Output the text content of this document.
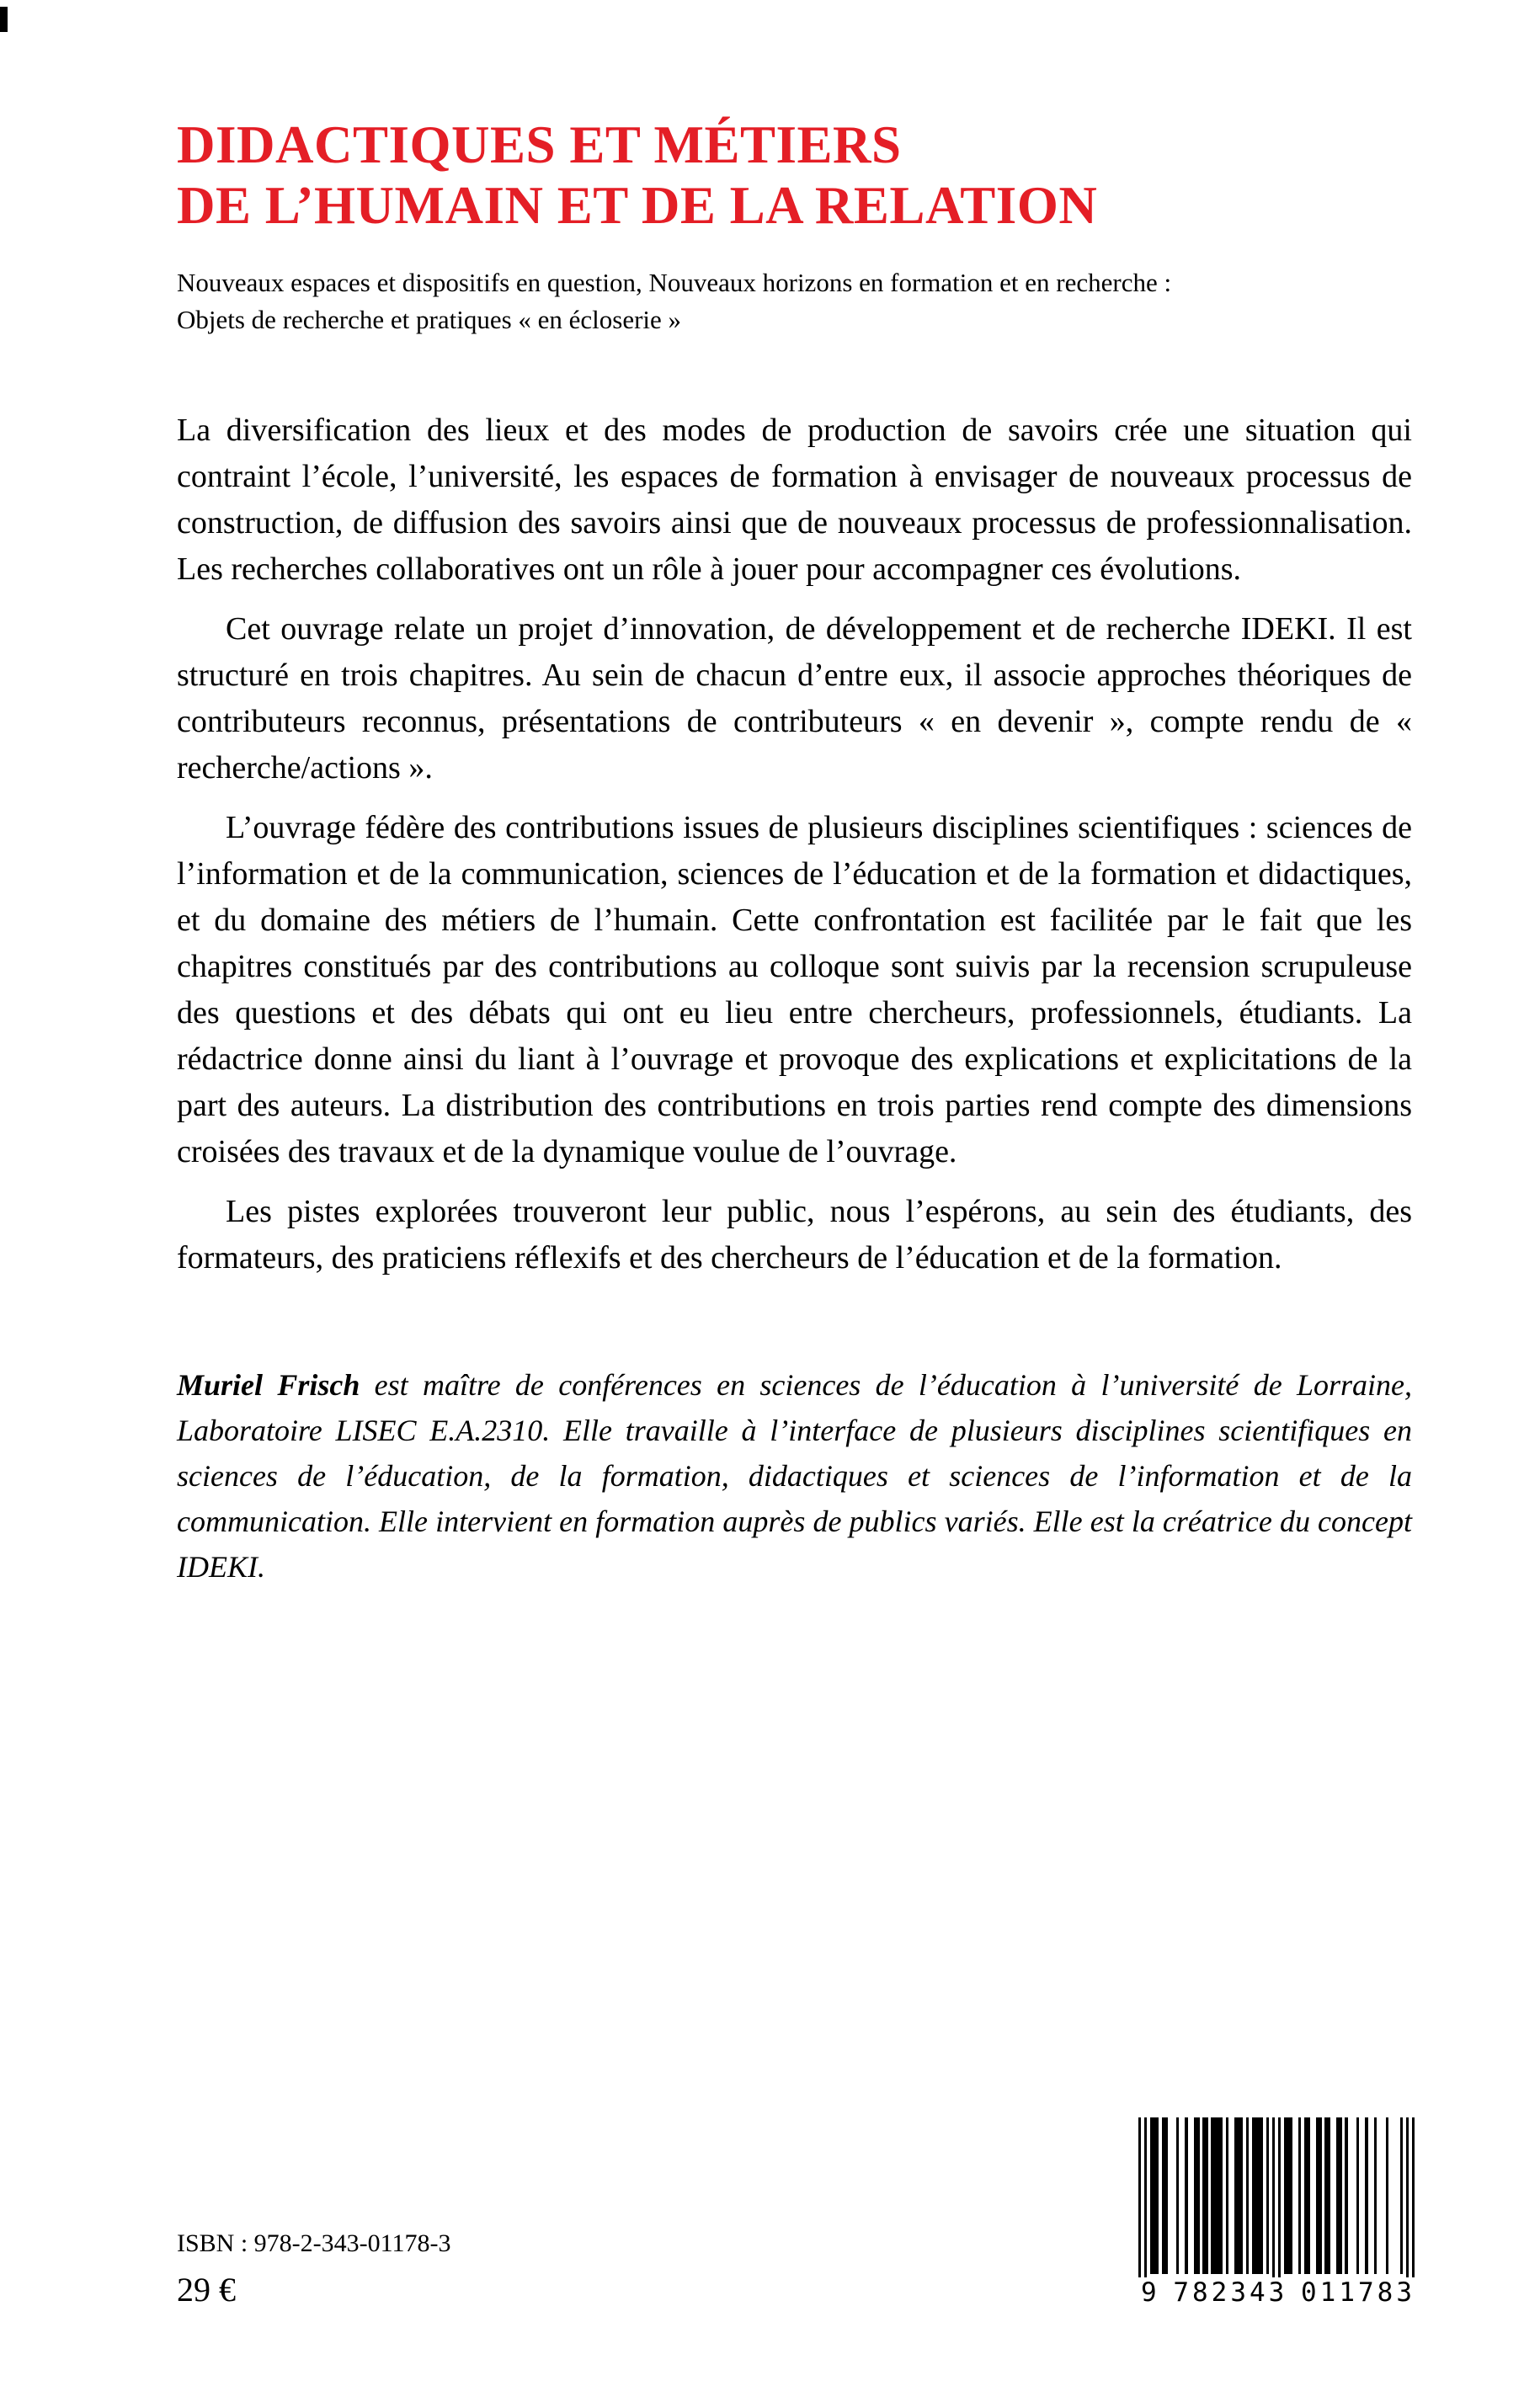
DIDACTIQUES ET MÉTIERS
DE L’HUMAIN ET DE LA RELATION
Nouveaux espaces et dispositifs en question, Nouveaux horizons en formation et en recherche :
Objets de recherche et pratiques « en écloserie »

La diversification des lieux et des modes de production de savoirs crée une situation qui contraint l’école, l’université, les espaces de formation à envisager de nouveaux processus de construction, de diffusion des savoirs ainsi que de nouveaux processus de professionnalisation. Les recherches collaboratives ont un rôle à jouer pour accompagner ces évolutions.

Cet ouvrage relate un projet d’innovation, de développement et de recherche IDEKI. Il est structuré en trois chapitres. Au sein de chacun d’entre eux, il associe approches théoriques de contributeurs reconnus, présentations de contributeurs « en devenir », compte rendu de « recherche/actions ».

L’ouvrage fédère des contributions issues de plusieurs disciplines scientifiques : sciences de l’information et de la communication, sciences de l’éducation et de la formation et didactiques, et du domaine des métiers de l’humain. Cette confrontation est facilitée par le fait que les chapitres constitués par des contributions au colloque sont suivis par la recension scrupuleuse des questions et des débats qui ont eu lieu entre chercheurs, professionnels, étudiants. La rédactrice donne ainsi du liant à l’ouvrage et provoque des explications et explicitations de la part des auteurs. La distribution des contributions en trois parties rend compte des dimensions croisées des travaux et de la dynamique voulue de l’ouvrage.

Les pistes explorées trouveront leur public, nous l’espérons, au sein des étudiants, des formateurs, des praticiens réflexifs et des chercheurs de l’éducation et de la formation.

Muriel Frisch est maître de conférences en sciences de l’éducation à l’université de Lorraine, Laboratoire LISEC E.A.2310. Elle travaille à l’interface de plusieurs disciplines scientifiques en sciences de l’éducation, de la formation, didactiques et sciences de l’information et de la communication. Elle intervient en formation auprès de publics variés. Elle est la créatrice du concept IDEKI.
ISBN : 978-2-343-01178-3
29 €	9 782343 011783
